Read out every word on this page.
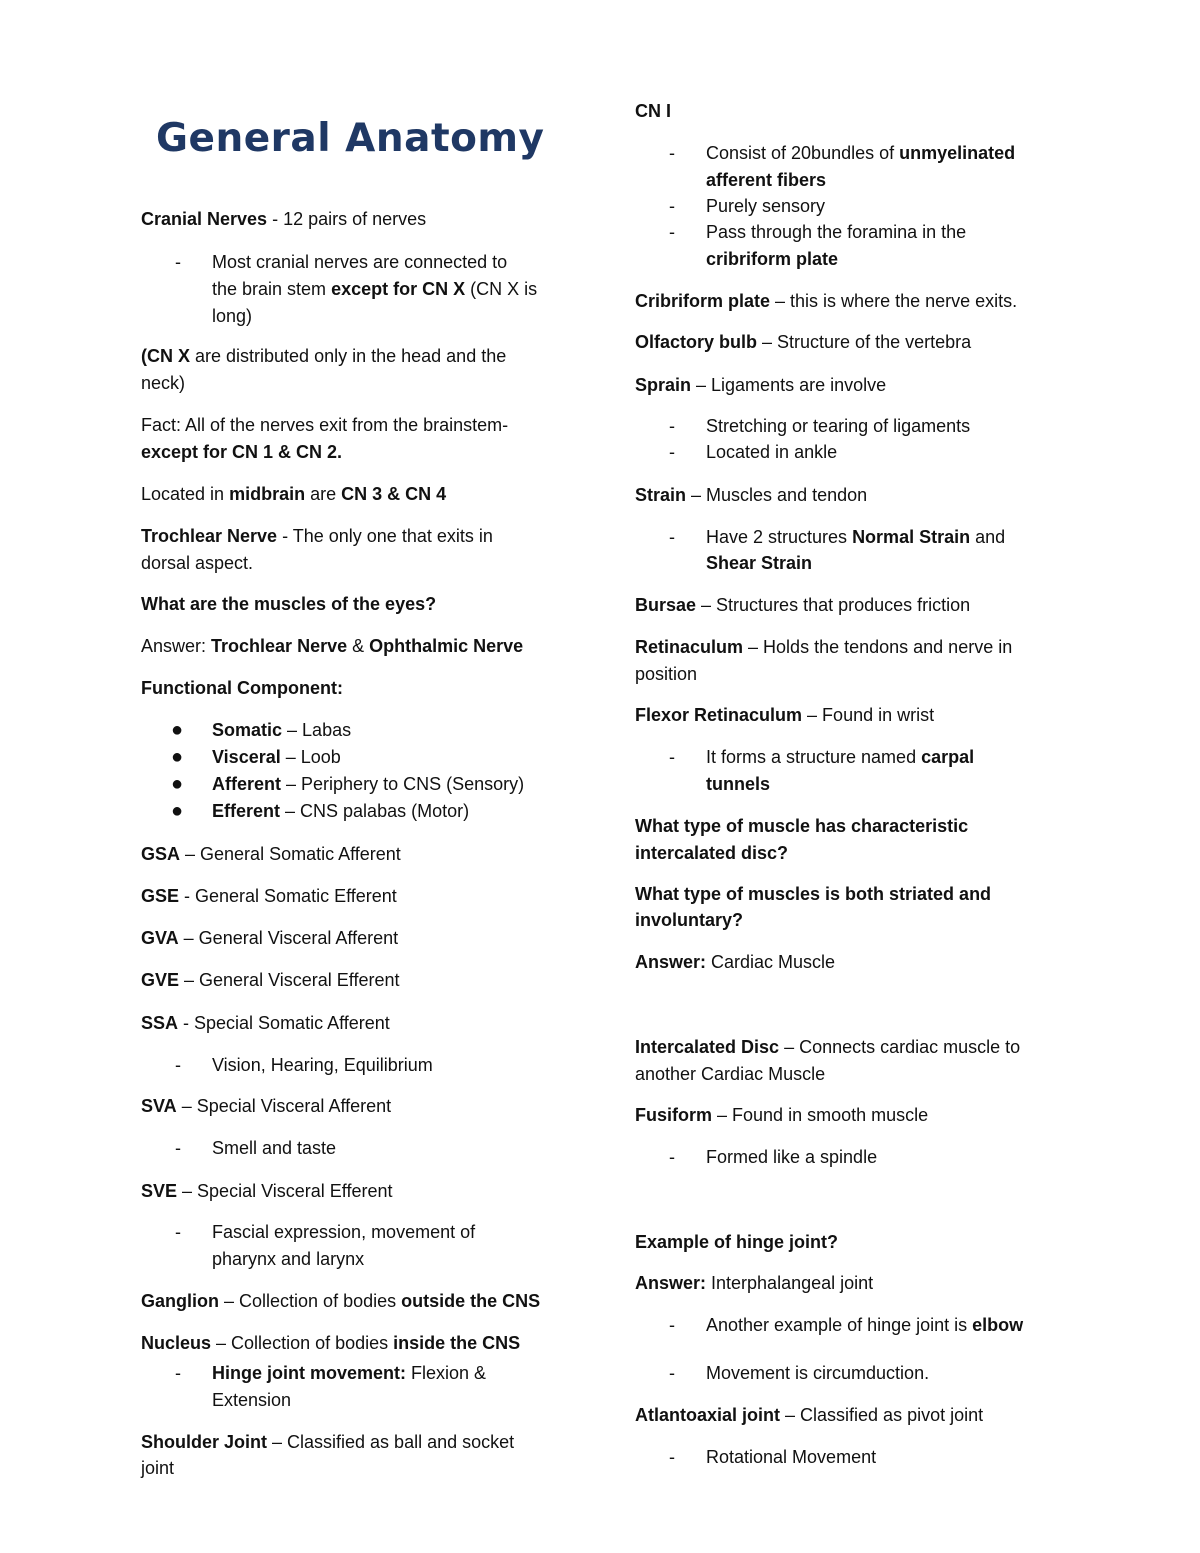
General Anatomy

Cranial Nerves - 12 pairs of nerves

- Most cranial nerves are connected to

the brain stem except for CN X (CN X is

long)

(CN X are distributed only in the head and the

neck)

Fact: All of the nerves exit from the brainstem-

except for CN 1 & CN 2.

Located in midbrain are CN 3 & CN 4

Trochlear Nerve - The only one that exits in

dorsal aspect.

What are the muscles of the eyes?

Answer: Trochlear Nerve & Ophthalmic Nerve

Functional Component:

● Somatic – Labas

● Visceral – Loob

● Afferent – Periphery to CNS (Sensory)

● Efferent – CNS palabas (Motor)

GSA – General Somatic Afferent

GSE - General Somatic Efferent

GVA – General Visceral Afferent

GVE – General Visceral Efferent

SSA - Special Somatic Afferent

- Vision, Hearing, Equilibrium

SVA – Special Visceral Afferent

- Smell and taste

SVE – Special Visceral Efferent

- Fascial expression, movement of

pharynx and larynx

Ganglion – Collection of bodies outside the CNS

Nucleus – Collection of bodies inside the CNS

- Hinge joint movement: Flexion &

Extension

Shoulder Joint – Classified as ball and socket

joint

CN I

- Consist of 20bundles of unmyelinated

afferent fibers

- Purely sensory

- Pass through the foramina in the

cribriform plate

Cribriform plate – this is where the nerve exits.

Olfactory bulb – Structure of the vertebra

Sprain – Ligaments are involve

- Stretching or tearing of ligaments

- Located in ankle

Strain – Muscles and tendon

- Have 2 structures Normal Strain and

Shear Strain

Bursae – Structures that produces friction

Retinaculum – Holds the tendons and nerve in

position

Flexor Retinaculum – Found in wrist

- It forms a structure named carpal

tunnels

What type of muscle has characteristic

intercalated disc?

What type of muscles is both striated and

involuntary?

Answer: Cardiac Muscle

Intercalated Disc – Connects cardiac muscle to

another Cardiac Muscle

Fusiform – Found in smooth muscle

- Formed like a spindle

Example of hinge joint?

Answer: Interphalangeal joint

- Another example of hinge joint is elbow

- Movement is circumduction.

Atlantoaxial joint – Classified as pivot joint

- Rotational Movement
